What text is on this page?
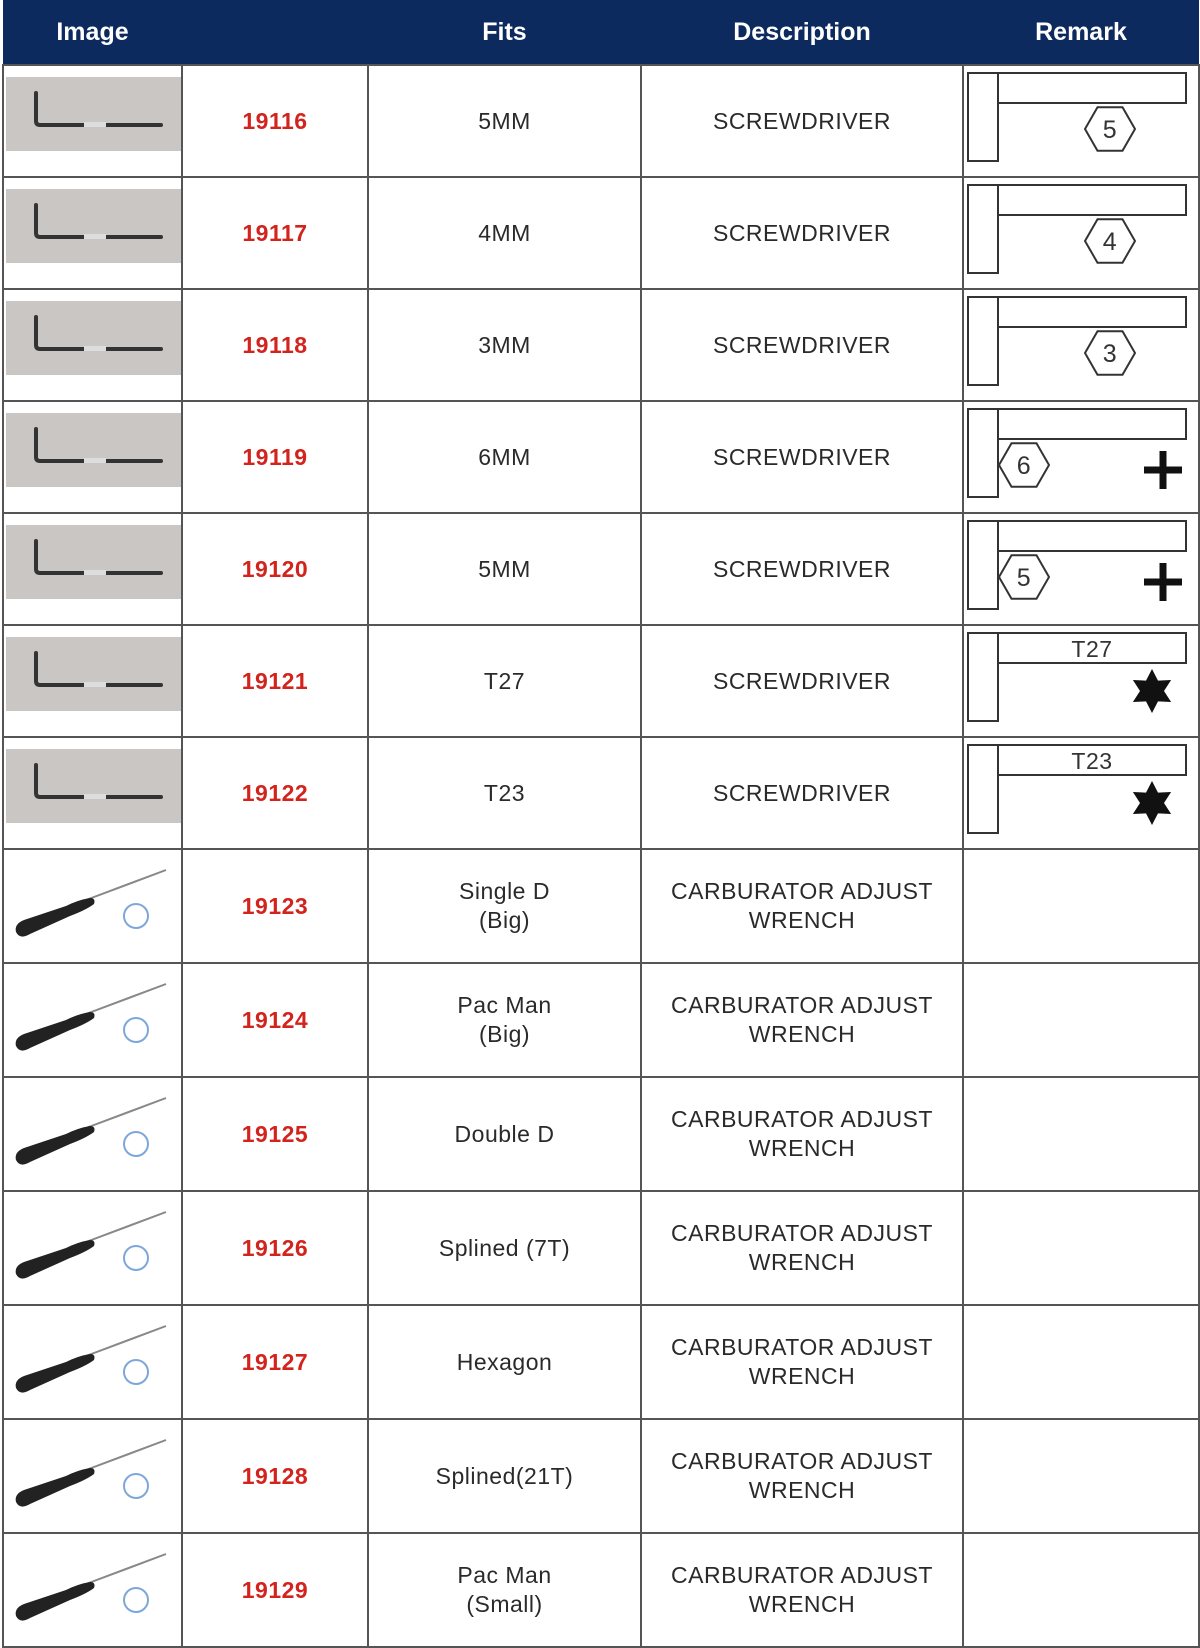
Image		Fits	Description	Remark

	19116	5MM	SCREWDRIVER	5

	19117	4MM	SCREWDRIVER	4

	19118	3MM	SCREWDRIVER	3

	19119	6MM	SCREWDRIVER	6

	19120	5MM	SCREWDRIVER	5

	19121	T27	SCREWDRIVER	T27

	19122	T23	SCREWDRIVER	T23

	19123	Single D
(Big)	CARBURATOR ADJUST
WRENCH	

	19124	Pac Man
(Big)	CARBURATOR ADJUST
WRENCH	

	19125	Double D	CARBURATOR ADJUST
WRENCH	

	19126	Splined (7T)	CARBURATOR ADJUST
WRENCH	

	19127	Hexagon	CARBURATOR ADJUST
WRENCH	

	19128	Splined(21T)	CARBURATOR ADJUST
WRENCH	

	19129	Pac Man
(Small)	CARBURATOR ADJUST
WRENCH	
